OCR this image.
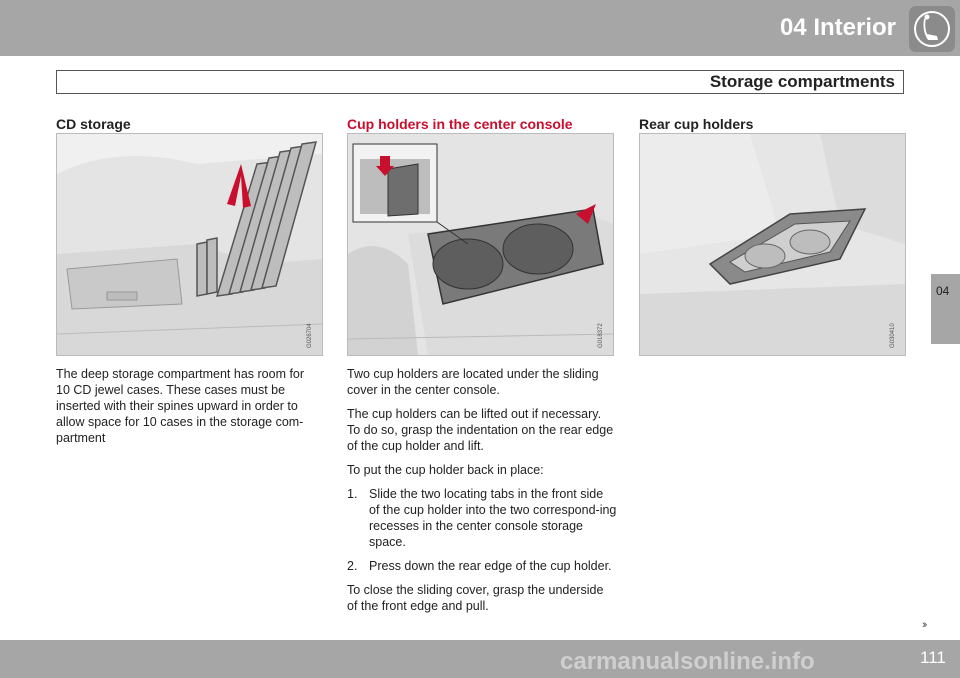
04 Interior
Storage compartments
04
CD storage
G026704
The deep storage compartment has room for 10 CD jewel cases. These cases must be inserted with their spines upward in order to allow space for 10 cases in the storage com-partment
Cup holders in the center console
G018372

Two cup holders are located under the sliding cover in the center console.

The cup holders can be lifted out if necessary. To do so, grasp the indentation on the rear edge of the cup holder and lift.

To put the cup holder back in place:

1. Slide the two locating tabs in the front side of the cup holder into the two correspond-ing recesses in the center console storage space.
2. Press down the rear edge of the cup holder.

To close the sliding cover, grasp the underside of the front edge and pull.

Rear cup holders
G030410
››
carmanualsonline.info	111
